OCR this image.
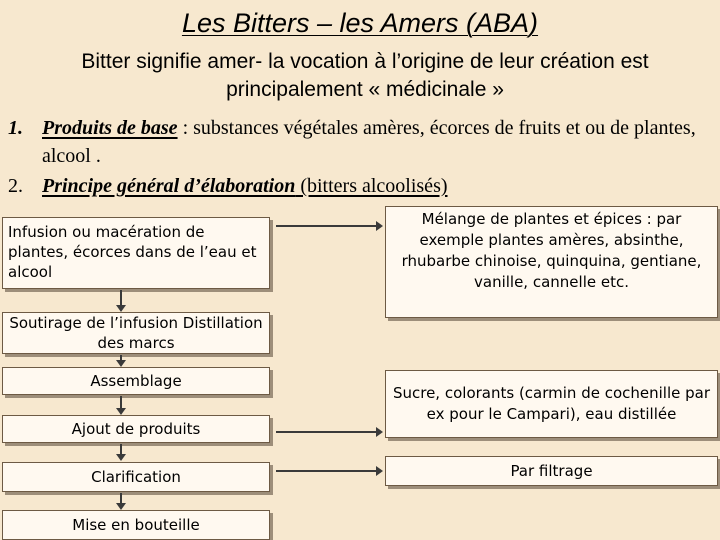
Les Bitters – les Amers (ABA)
Bitter signifie amer- la vocation à l’origine de leur création est principalement « médicinale »
1. Produits de base : substances végétales amères, écorces de fruits et ou de plantes, alcool .
2. Principe général d’élaboration (bitters alcoolisés)
Infusion ou macération de plantes, écorces dans de l’eau et alcool
Soutirage de l’infusion Distillation des marcs
Assemblage
Ajout de produits
Clarification
Mise en bouteille
Mélange de plantes et épices : par exemple plantes amères, absinthe, rhubarbe chinoise, quinquina, gentiane, vanille, cannelle etc.
Sucre, colorants (carmin de cochenille par ex pour le Campari), eau distillée
Par filtrage
